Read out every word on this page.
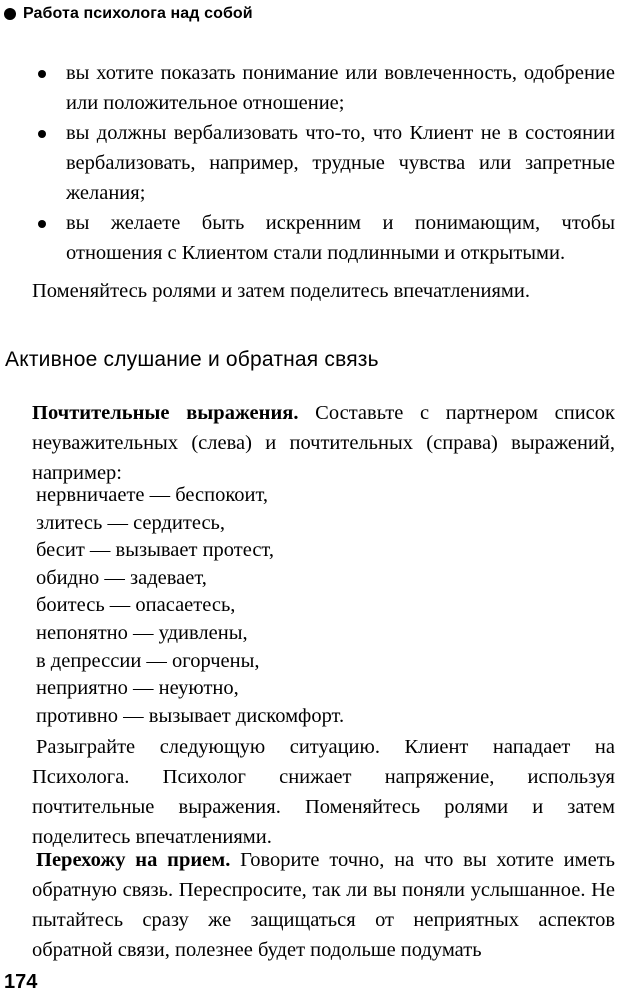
Работа психолога над собой
вы хотите показать понимание или вовлеченность, одобрение или положительное отношение;
вы должны вербализовать что-то, что Клиент не в состоянии вербализовать, например, трудные чувства или запретные желания;
вы желаете быть искренним и понимающим, чтобы отношения с Клиентом стали подлинными и открытыми.
Поменяйтесь ролями и затем поделитесь впечатлениями.
Активное слушание и обратная связь
Почтительные выражения. Составьте с партнером список неуважительных (слева) и почтительных (справа) выражений, например:
нервничаете — беспокоит,
злитесь — сердитесь,
бесит — вызывает протест,
обидно — задевает,
боитесь — опасаетесь,
непонятно — удивлены,
в депрессии — огорчены,
неприятно — неуютно,
противно — вызывает дискомфорт.
Разыграйте следующую ситуацию. Клиент нападает на Психолога. Психолог снижает напряжение, используя почтительные выражения. Поменяйтесь ролями и затем поделитесь впечатлениями.
Перехожу на прием. Говорите точно, на что вы хотите иметь обратную связь. Переспросите, так ли вы поняли услышанное. Не пытайтесь сразу же защищаться от неприятных аспектов обратной связи, полезнее будет подольше подумать
174
